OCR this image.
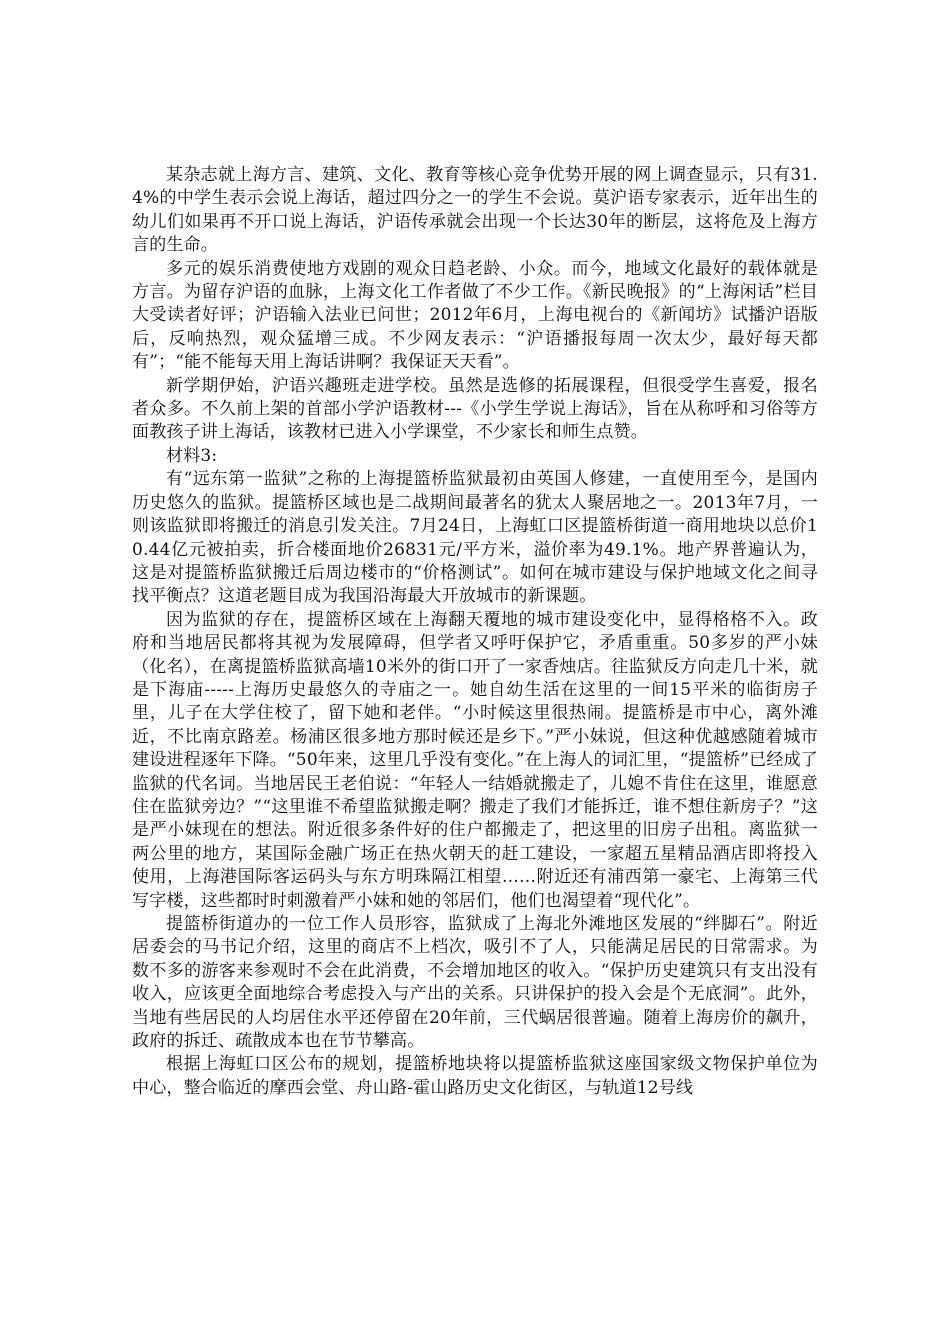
某杂志就上海方言、建筑、文化、教育等核心竞争优势开展的网上调查显示，只有31.4%的中学生表示会说上海话，超过四分之一的学生不会说。莫沪语专家表示，近年出生的幼儿们如果再不开口说上海话，沪语传承就会出现一个长达30年的断层，这将危及上海方言的生命。

多元的娱乐消费使地方戏剧的观众日趋老龄、小众。而今，地域文化最好的载体就是方言。为留存沪语的血脉，上海文化工作者做了不少工作。《新民晚报》的“上海闲话”栏目大受读者好评；沪语输入法业已问世；2012年6月，上海电视台的《新闻坊》试播沪语版后，反响热烈，观众猛增三成。不少网友表示：“沪语播报每周一次太少，最好每天都有”；“能不能每天用上海话讲啊？我保证天天看”。

新学期伊始，沪语兴趣班走进学校。虽然是选修的拓展课程，但很受学生喜爱，报名者众多。不久前上架的首部小学沪语教材---《小学生学说上海话》，旨在从称呼和习俗等方面教孩子讲上海话，该教材已进入小学课堂，不少家长和师生点赞。

材料3:

有“远东第一监狱”之称的上海提篮桥监狱最初由英国人修建，一直使用至今，是国内历史悠久的监狱。提篮桥区域也是二战期间最著名的犹太人聚居地之一。2013年7月，一则该监狱即将搬迁的消息引发关注。7月24日，上海虹口区提篮桥街道一商用地块以总价10.44亿元被拍卖，折合楼面地价26831元/平方米，溢价率为49.1%。地产界普遍认为，这是对提篮桥监狱搬迁后周边楼市的“价格测试”。如何在城市建设与保护地域文化之间寻找平衡点？这道老题目成为我国沿海最大开放城市的新课题。

因为监狱的存在，提篮桥区域在上海翻天覆地的城市建设变化中，显得格格不入。政府和当地居民都将其视为发展障碍，但学者又呼吁保护它，矛盾重重。50多岁的严小妹（化名），在离提篮桥监狱高墙10米外的街口开了一家香烛店。往监狱反方向走几十米，就是下海庙-----上海历史最悠久的寺庙之一。她自幼生活在这里的一间15平米的临街房子里，儿子在大学住校了，留下她和老伴。“小时候这里很热闹。提篮桥是市中心，离外滩近，不比南京路差。杨浦区很多地方那时候还是乡下。”严小妹说，但这种优越感随着城市建设进程逐年下降。“50年来，这里几乎没有变化。”在上海人的词汇里，“提篮桥”已经成了监狱的代名词。当地居民王老伯说：“年轻人一结婚就搬走了，儿媳不肯住在这里，谁愿意住在监狱旁边？”“这里谁不希望监狱搬走啊？搬走了我们才能拆迁，谁不想住新房子？”这是严小妹现在的想法。附近很多条件好的住户都搬走了，把这里的旧房子出租。离监狱一两公里的地方，某国际金融广场正在热火朝天的赶工建设，一家超五星精品酒店即将投入使用，上海港国际客运码头与东方明珠隔江相望……附近还有浦西第一豪宅、上海第三代写字楼，这些都时时刺激着严小妹和她的邻居们，他们也渴望着“现代化”。

提篮桥街道办的一位工作人员形容，监狱成了上海北外滩地区发展的“绊脚石”。附近居委会的马书记介绍，这里的商店不上档次，吸引不了人，只能满足居民的日常需求。为数不多的游客来参观时不会在此消费，不会增加地区的收入。“保护历史建筑只有支出没有收入，应该更全面地综合考虑投入与产出的关系。只讲保护的投入会是个无底洞”。此外，当地有些居民的人均居住水平还停留在20年前，三代蜗居很普遍。随着上海房价的飙升，政府的拆迁、疏散成本也在节节攀高。

根据上海虹口区公布的规划，提篮桥地块将以提篮桥监狱这座国家级文物保护单位为中心，整合临近的摩西会堂、舟山路-霍山路历史文化街区，与轨道12号线
